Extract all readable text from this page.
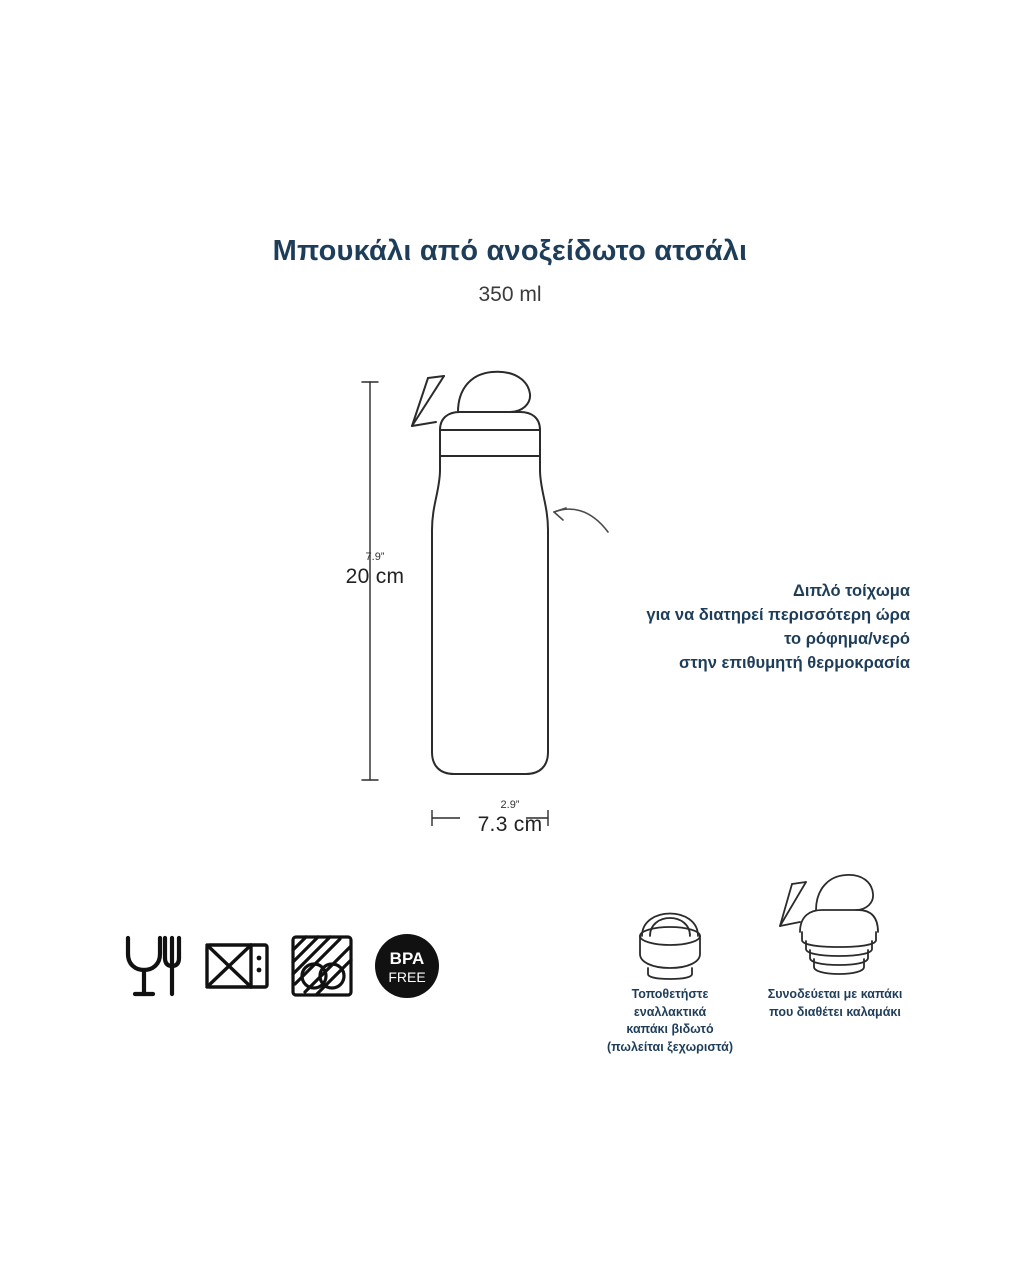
Μπουκάλι από ανοξείδωτο ατσάλι
350 ml
7.9”
20 cm
2.9”
7.3 cm
Διπλό τοίχωμα
για να διατηρεί περισσότερη ώρα
το ρόφημα/νερό
στην επιθυμητή θερμοκρασία
BPA
FREE
Τοποθετήστε
εναλλακτικά
καπάκι βιδωτό
(πωλείται ξεχωριστά)
Συνοδεύεται με καπάκι
που διαθέτει καλαμάκι
